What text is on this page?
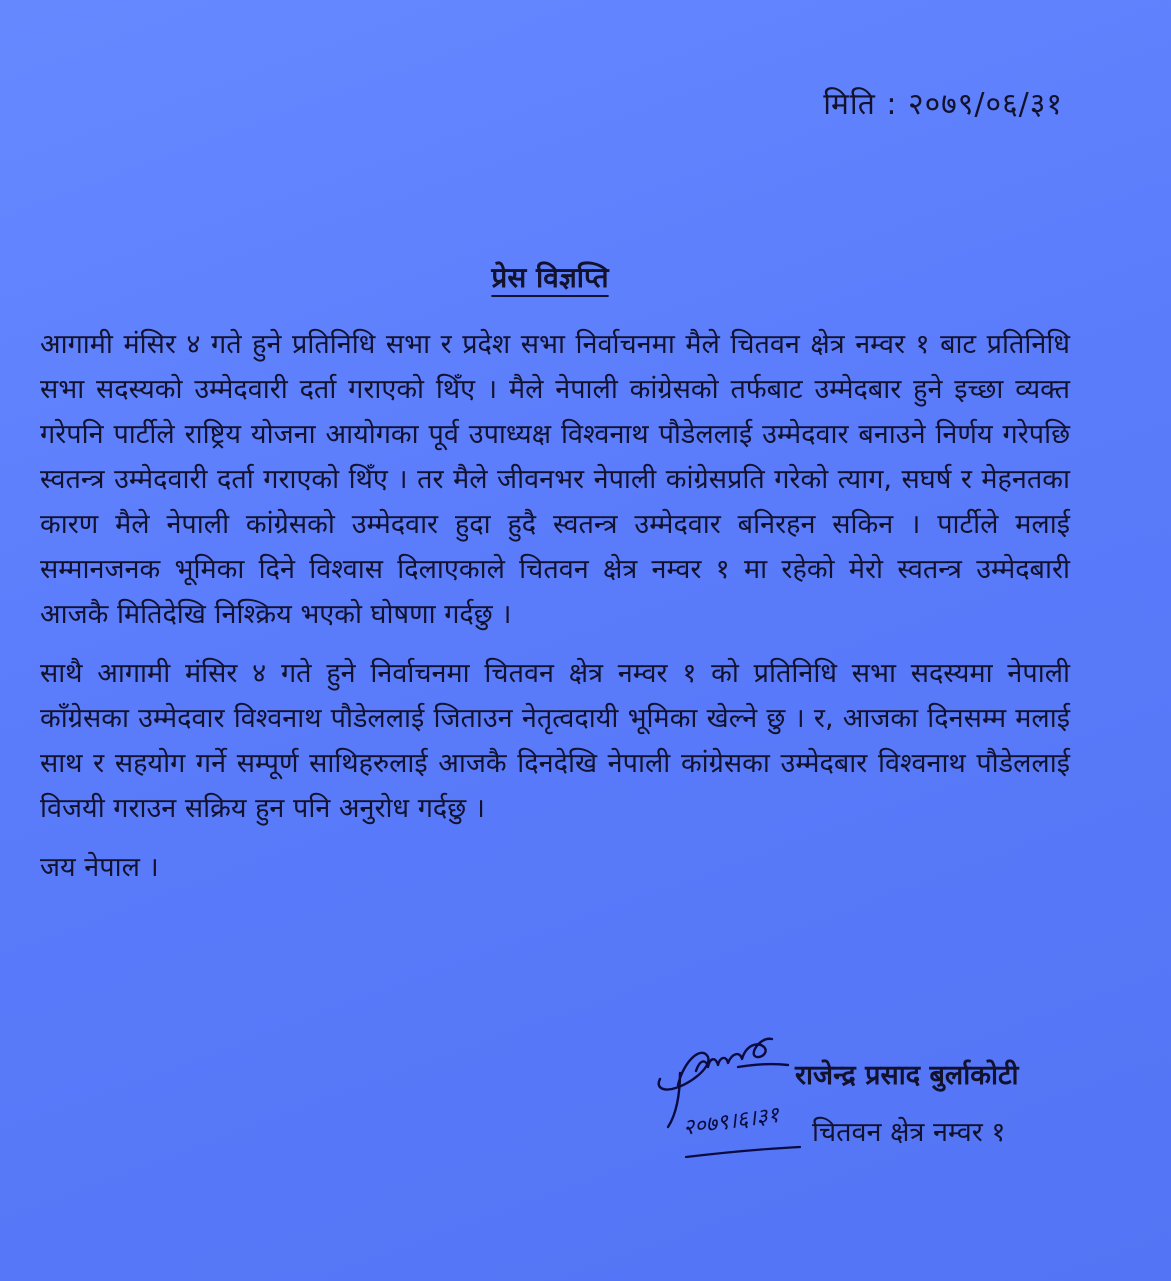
मिति : २०७९/०६/३१
प्रेस विज्ञप्ति

आगामी मंसिर ४ गते हुने प्रतिनिधि सभा र प्रदेश सभा निर्वाचनमा मैले चितवन क्षेत्र नम्वर १ बाट प्रतिनिधि सभा सदस्यको उम्मेदवारी दर्ता गराएको थिँए । मैले नेपाली कांग्रेसको तर्फबाट उम्मेदबार हुने इच्छा व्यक्त गरेपनि पार्टीले राष्ट्रिय योजना आयोगका पूर्व उपाध्यक्ष विश्वनाथ पौडेललाई उम्मेदवार बनाउने निर्णय गरेपछि स्वतन्त्र उम्मेदवारी दर्ता गराएको थिँए । तर मैले जीवनभर नेपाली कांग्रेसप्रति गरेको त्याग, सघर्ष र मेहनतका कारण मैले नेपाली कांग्रेसको उम्मेदवार हुदा हुदै स्वतन्त्र उम्मेदवार बनिरहन सकिन । पार्टीले मलाई सम्मानजनक भूमिका दिने विश्वास दिलाएकाले चितवन क्षेत्र नम्वर १ मा रहेको मेरो स्वतन्त्र उम्मेदबारी आजकै मितिदेखि निश्क्रिय भएको घोषणा गर्दछु ।

साथै आगामी मंसिर ४ गते हुने निर्वाचनमा चितवन क्षेत्र नम्वर १ को प्रतिनिधि सभा सदस्यमा नेपाली काँग्रेसका उम्मेदवार विश्वनाथ पौडेललाई जिताउन नेतृत्वदायी भूमिका खेल्ने छु । र, आजका दिनसम्म मलाई साथ र सहयोग गर्ने सम्पूर्ण साथिहरुलाई आजकै दिनदेखि नेपाली कांग्रेसका उम्मेदबार विश्वनाथ पौडेललाई विजयी गराउन सक्रिय हुन पनि अनुरोध गर्दछु ।

जय नेपाल ।

२०७९।६।३१
राजेन्द्र प्रसाद बुर्लाकोटी
चितवन क्षेत्र नम्वर १
